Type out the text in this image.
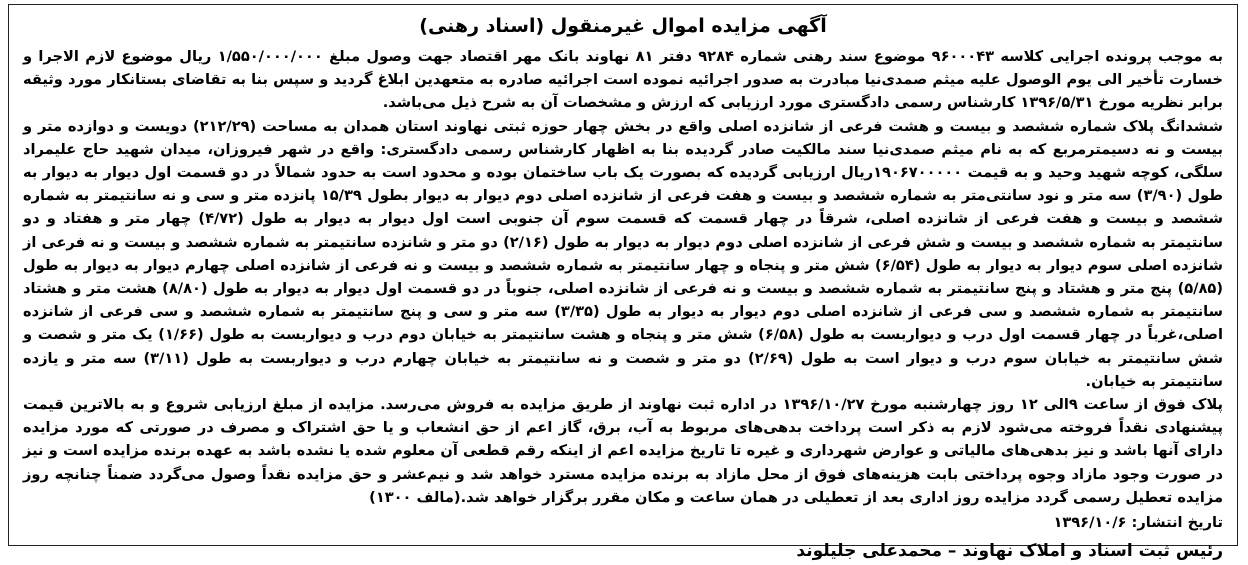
آگهی مزایده اموال غیرمنقول (اسناد رهنی)

به موجب پرونده اجرایی کلاسه ۹۶۰۰۰۴۳ موضوع سند رهنی شماره ۹۲۸۴ دفتر ۸۱ نهاوند بانک مهر اقتصاد جهت وصول مبلغ ۱/۵۵۰/۰۰۰/۰۰۰ ریال موضوع لازم الاجرا و خسارت تأخیر الی یوم الوصول علیه میثم صمدی‌نیا مبادرت به صدور اجرائیه نموده است اجرائیه صادره به متعهدین ابلاغ گردید و سپس بنا به تقاضای بستانکار مورد وثیقه برابر نظریه مورخ ۱۳۹۶/۵/۳۱ کارشناس رسمی دادگستری مورد ارزیابی که ارزش و مشخصات آن به شرح ذیل می‌باشد.

ششدانگ پلاک شماره ششصد و بیست و هشت فرعی از شانزده اصلی واقع در بخش چهار حوزه ثبتی نهاوند استان همدان به مساحت (۲۱۲/۲۹) دویست و دوازده متر و بیست و نه دسیمترمربع که به نام میثم صمدی‌نیا سند مالکیت صادر گردیده بنا به اظهار کارشناس رسمی دادگستری: واقع در شهر فیروزان، میدان شهید حاج علیمراد سلگی، کوچه شهید وحید و به قیمت ۱۹۰۶۷۰۰۰۰۰ریال ارزیابی گردیده که بصورت یک باب ساختمان بوده و محدود است به حدود شمالاً در دو قسمت اول دیوار به دیوار به طول (۳/۹۰) سه متر و نود سانتی‌متر به شماره ششصد و بیست و هفت فرعی از شانزده اصلی دوم دیوار به دیوار بطول ۱۵/۳۹ پانزده متر و سی و نه سانتیمتر به شماره ششصد و بیست و هفت فرعی از شانزده اصلی، شرقاً در چهار قسمت که قسمت سوم آن جنوبی است اول دیوار به دیوار به طول (۴/۷۲) چهار متر و هفتاد و دو سانتیمتر به شماره ششصد و بیست و شش فرعی از شانزده اصلی دوم دیوار به دیوار به طول (۲/۱۶) دو متر و شانزده سانتیمتر به شماره ششصد و بیست و نه فرعی از شانزده اصلی سوم دیوار به دیوار به طول (۶/۵۴) شش متر و پنجاه و چهار سانتیمتر به شماره ششصد و بیست و نه فرعی از شانزده اصلی چهارم دیوار به دیوار به طول (۵/۸۵) پنج متر و هشتاد و پنج سانتیمتر به شماره ششصد و بیست و نه فرعی از شانزده اصلی، جنوباً در دو قسمت اول دیوار به دیوار به طول (۸/۸۰) هشت متر و هشتاد سانتیمتر به شماره ششصد و سی فرعی از شانزده اصلی دوم دیوار به دیوار به طول (۳/۳۵) سه متر و سی و پنج سانتیمتر به شماره ششصد و سی فرعی از شانزده اصلی،غرباً در چهار قسمت اول درب و دیواربست به طول (۶/۵۸) شش متر و پنجاه و هشت سانتیمتر به خیابان دوم درب و دیواربست به طول (۱/۶۶) یک متر و شصت و شش سانتیمتر به خیابان سوم درب و دیوار است به طول (۲/۶۹) دو متر و شصت و نه سانتیمتر به خیابان چهارم درب و دیواربست به طول (۳/۱۱) سه متر و یازده سانتیمتر به خیابان.

پلاک فوق از ساعت ۹الی ۱۲ روز چهارشنبه مورخ ۱۳۹۶/۱۰/۲۷ در اداره ثبت نهاوند از طریق مزایده به فروش می‌رسد. مزایده از مبلغ ارزیابی شروع و به بالاترین قیمت پیشنهادی نقداً فروخته می‌شود لازم به ذکر است پرداخت بدهی‌های مربوط به آب، برق، گاز اعم از حق انشعاب و یا حق اشتراک و مصرف در صورتی که مورد مزایده دارای آنها باشد و نیز بدهی‌های مالیاتی و عوارض شهرداری و غیره تا تاریخ مزایده اعم از اینکه رقم قطعی آن معلوم شده یا نشده باشد به عهده برنده مزایده است و نیز در صورت وجود مازاد وجوه پرداختی بابت هزینه‌های فوق از محل مازاد به برنده مزایده مسترد خواهد شد و نیم‌عشر و حق مزایده نقداً وصول می‌گردد ضمناً چنانچه روز مزایده تعطیل رسمی گردد مزایده روز اداری بعد از تعطیلی در همان ساعت و مکان مقرر برگزار خواهد شد.(مالف ۱۳۰۰)

تاریخ انتشار: ۱۳۹۶/۱۰/۶
رئیس ثبت اسناد و املاک نهاوند – محمدعلی جلیلوند
